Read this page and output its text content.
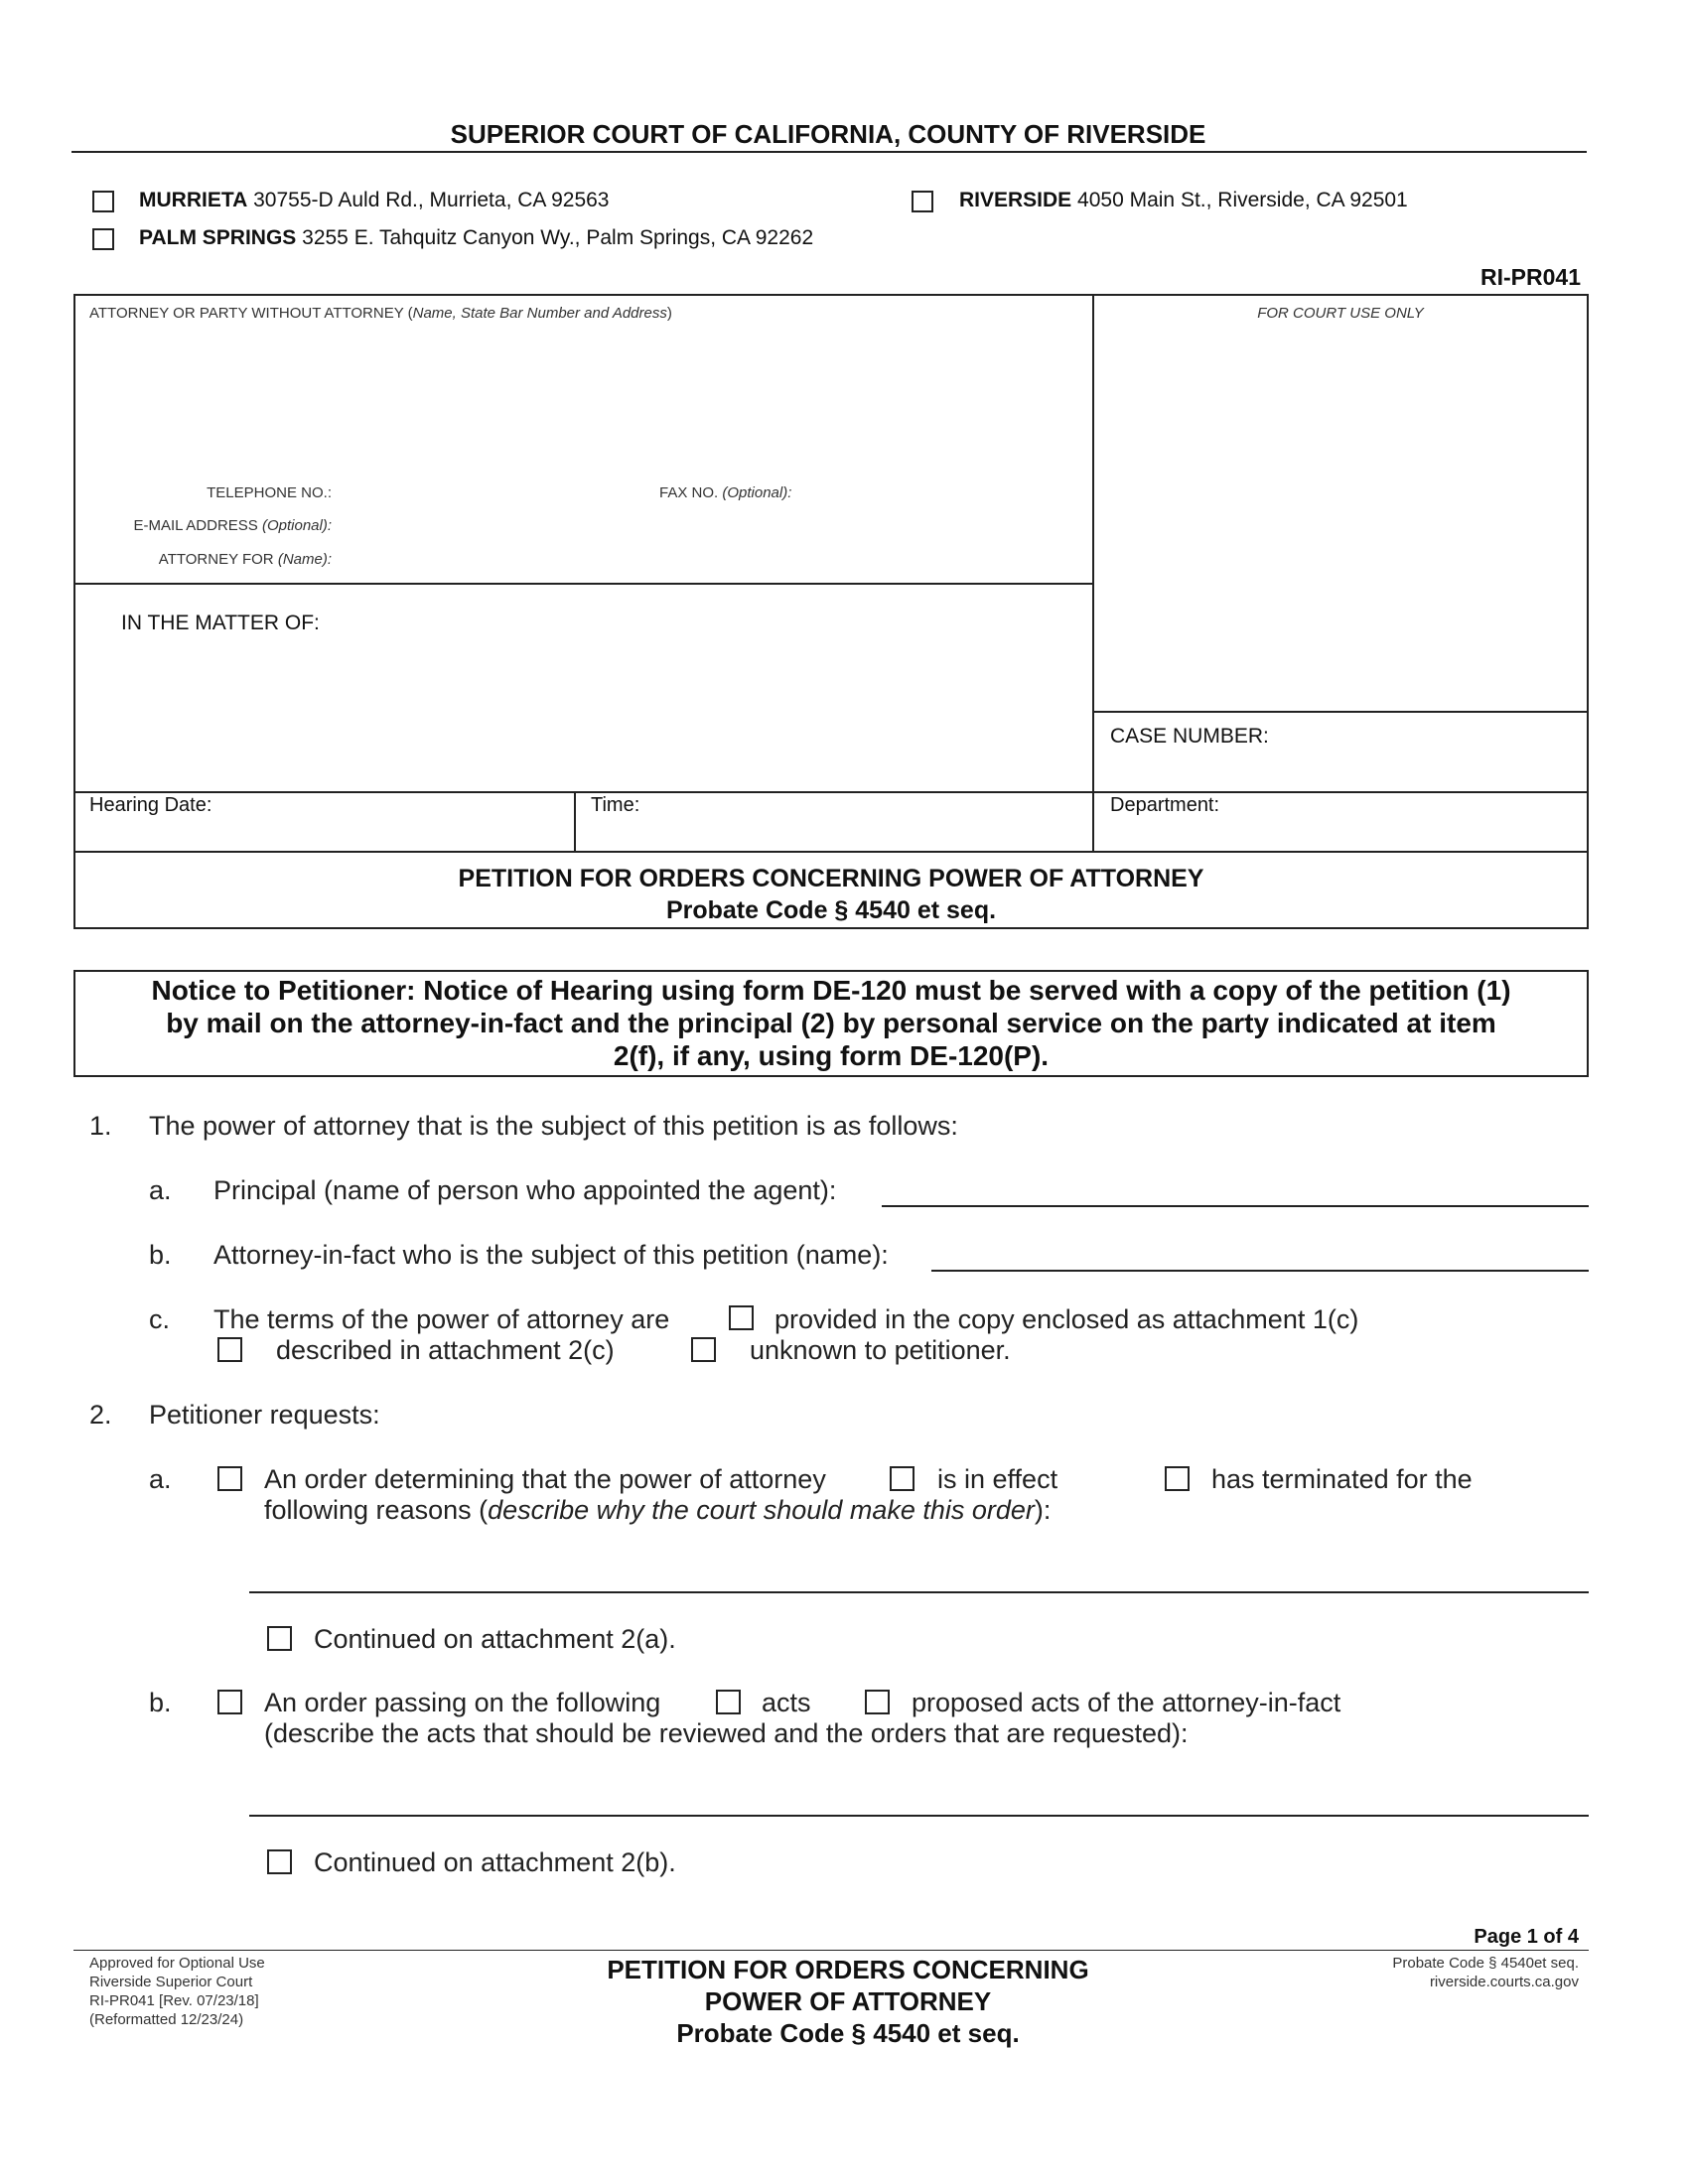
SUPERIOR COURT OF CALIFORNIA, COUNTY OF RIVERSIDE
MURRIETA 30755-D Auld Rd., Murrieta, CA 92563	RIVERSIDE 4050 Main St., Riverside, CA 92501
PALM SPRINGS 3255 E. Tahquitz Canyon Wy., Palm Springs, CA 92262
RI-PR041
ATTORNEY OR PARTY WITHOUT ATTORNEY (Name, State Bar Number and Address)	FOR COURT USE ONLY
TELEPHONE NO.:	FAX NO. (Optional):
E-MAIL ADDRESS (Optional):
ATTORNEY FOR (Name):
IN THE MATTER OF:
CASE NUMBER:
Hearing Date:	Time:	Department:
PETITION FOR ORDERS CONCERNING POWER OF ATTORNEY
Probate Code § 4540 et seq.
Notice to Petitioner: Notice of Hearing using form DE-120 must be served with a copy of the petition (1)
by mail on the attorney-in-fact and the principal (2) by personal service on the party indicated at item
2(f), if any, using form DE-120(P).
1. The power of attorney that is the subject of this petition is as follows:
a. Principal (name of person who appointed the agent):
b. Attorney-in-fact who is the subject of this petition (name):
c. The terms of the power of attorney are	provided in the copy enclosed as attachment 1(c)
described in attachment 2(c)	unknown to petitioner.
2. Petitioner requests:
a.	An order determining that the power of attorney	is in effect	has terminated for the
following reasons (describe why the court should make this order):
Continued on attachment 2(a).
b.	An order passing on the following	acts	proposed acts of the attorney-in-fact
(describe the acts that should be reviewed and the orders that are requested):
Continued on attachment 2(b).
Page 1 of 4
Approved for Optional Use
Riverside Superior Court
RI-PR041 [Rev. 07/23/18]
(Reformatted 12/23/24)
PETITION FOR ORDERS CONCERNING
POWER OF ATTORNEY
Probate Code § 4540 et seq.
Probate Code § 4540et seq.
riverside.courts.ca.gov
